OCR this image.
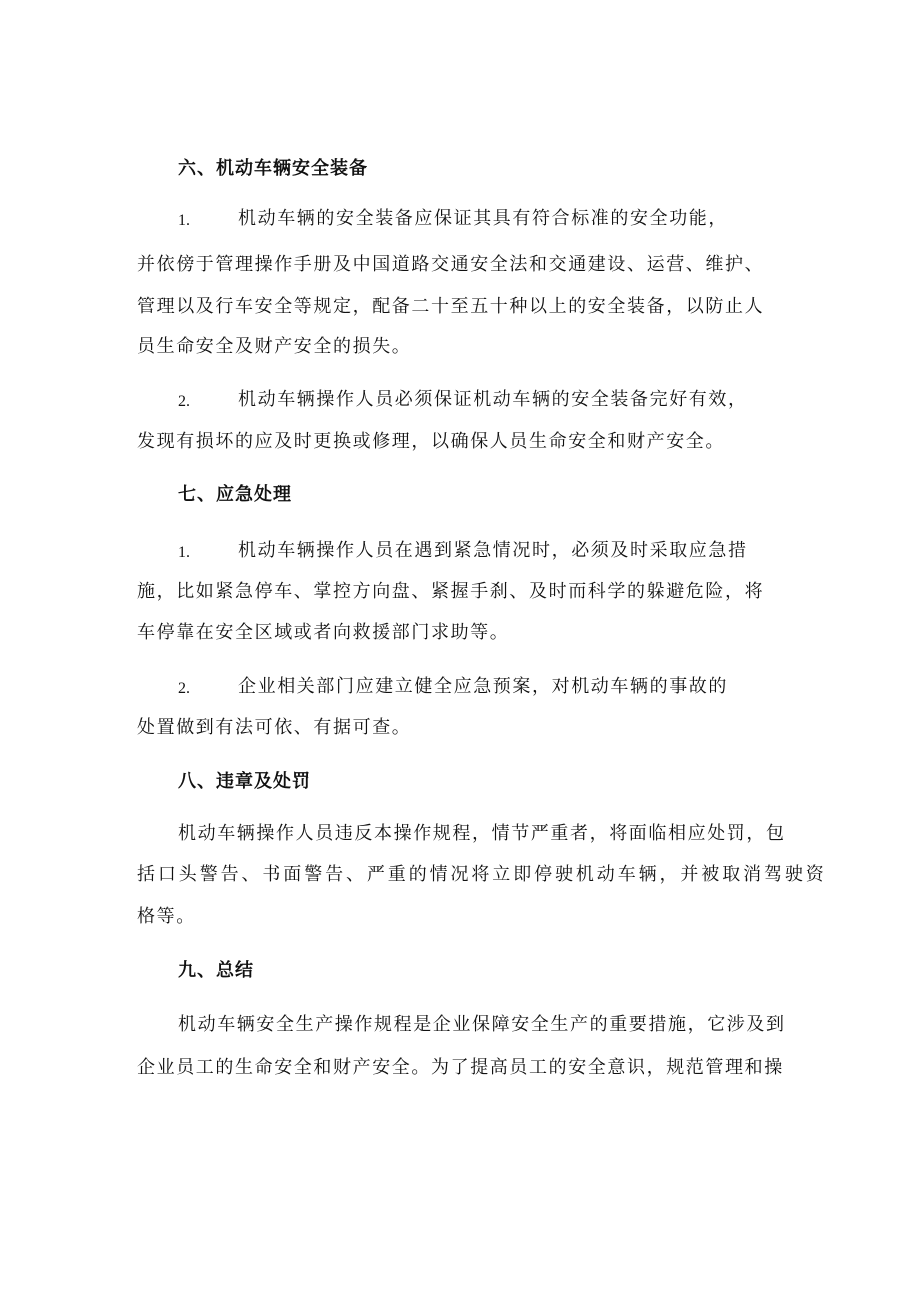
六、机动车辆安全装备
1.	机动车辆的安全装备应保证其具有符合标准的安全功能，
并依傍于管理操作手册及中国道路交通安全法和交通建设、运营、维护、
管理以及行车安全等规定，配备二十至五十种以上的安全装备，以防止人
员生命安全及财产安全的损失。
2.	机动车辆操作人员必须保证机动车辆的安全装备完好有效，
发现有损坏的应及时更换或修理，以确保人员生命安全和财产安全。
七、应急处理
1.	机动车辆操作人员在遇到紧急情况时，必须及时采取应急措
施，比如紧急停车、掌控方向盘、紧握手刹、及时而科学的躲避危险，将
车停靠在安全区域或者向救援部门求助等。
2.	企业相关部门应建立健全应急预案，对机动车辆的事故的
处置做到有法可依、有据可查。
八、违章及处罚
机动车辆操作人员违反本操作规程，情节严重者，将面临相应处罚，包
括口头警告、书面警告、严重的情况将立即停驶机动车辆，并被取消驾驶资
格等。
九、总结
机动车辆安全生产操作规程是企业保障安全生产的重要措施，它涉及到
企业员工的生命安全和财产安全。为了提高员工的安全意识，规范管理和操
